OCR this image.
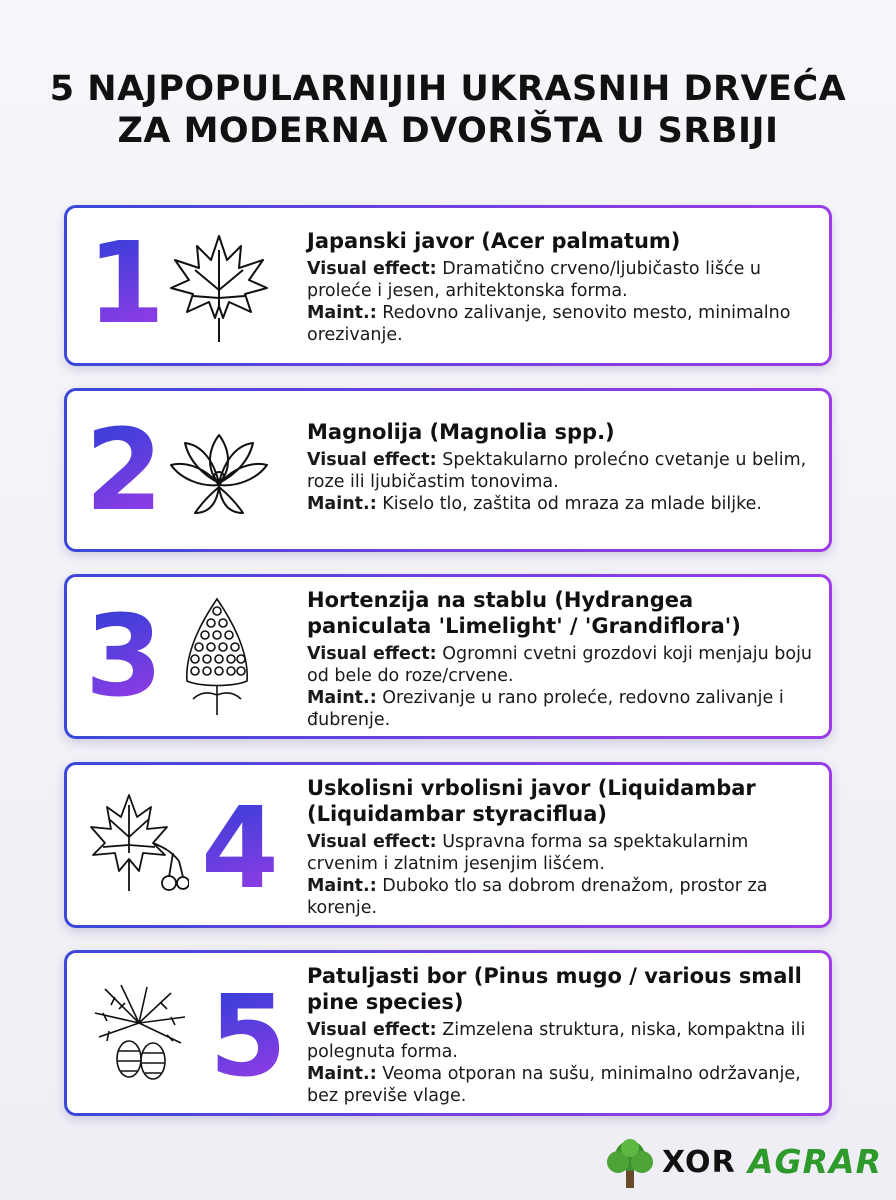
5 NAJPOPULARNIJIH UKRASNIH DRVEĆA
ZA MODERNA DVORIŠTA U SRBIJI
1	Japanski javor (Acer palmatum)
Visual effect: Dramatično crveno/ljubičasto lišće u proleće i jesen, arhitektonska forma.
Maint.: Redovno zalivanje, senovito mesto, minimalno orezivanje.
2	Magnolija (Magnolia spp.)
Visual effect: Spektakularno prolećno cvetanje u belim, roze ili ljubičastim tonovima.
Maint.: Kiselo tlo, zaštita od mraza za mlade biljke.
3	Hortenzija na stablu (Hydrangea paniculata 'Limelight' / 'Grandiflora')
Visual effect: Ogromni cvetni grozdovi koji menjaju boju od bele do roze/crvene.
Maint.: Orezivanje u rano proleće, redovno zalivanje i đubrenje.
4 Uskolisni vrbolisni javor (Liquidambar (Liquidambar styraciflua)
Visual effect: Uspravna forma sa spektakularnim crvenim i zlatnim jesenjim lišćem.
Maint.: Duboko tlo sa dobrom drenažom, prostor za korenje.
5 Patuljasti bor (Pinus mugo / various small pine species)
Visual effect: Zimzelena struktura, niska, kompaktna ili polegnuta forma.
Maint.: Veoma otporan na sušu, minimalno održavanje, bez previše vlage.
XOR AGRAR
